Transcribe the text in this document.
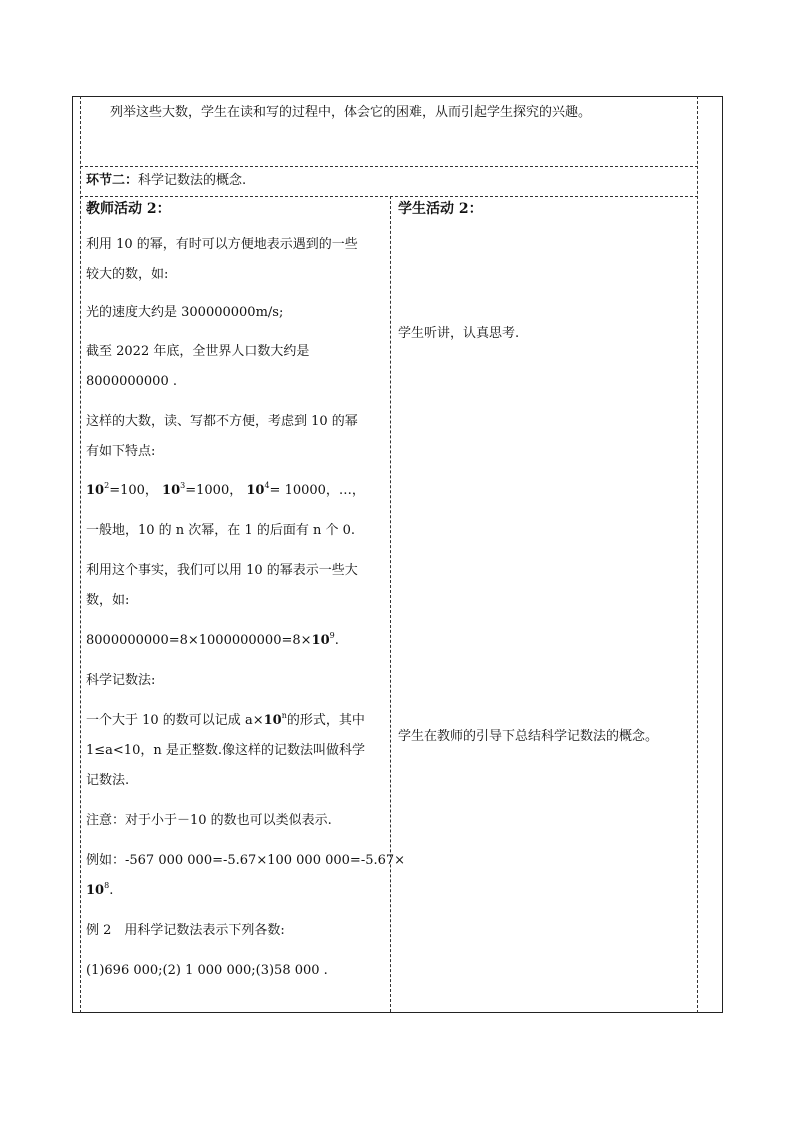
列举这些大数，学生在读和写的过程中，体会它的困难，从而引起学生探究的兴趣。
环节二：科学记数法的概念.
教师活动 2：
利用 10 的幂，有时可以方便地表示遇到的一些
较大的数，如:
光的速度大约是 300000000m/s;
截至 2022 年底，全世界人口数大约是
8000000000 .
这样的大数，读、写都不方便，考虑到 10 的幂
有如下特点:
$10^2=100$， $10^3=1000$， $10^4= 10000$，…，
一般地，10 的 n 次幂，在 1 的后面有 n 个 0.
利用这个事实，我们可以用 10 的幂表示一些大
数，如:
$8000000000=8\times 1000000000=8\times 10^9$.
科学记数法:
一个大于 10 的数可以记成 $a\times 10^n$的形式，其中
1≤a<10，n 是正整数.像这样的记数法叫做科学
记数法.
注意：对于小于－10 的数也可以类似表示.
例如：-567 000 000=-5.67×100 000 000=-5.67×
$10^8$.
例 2　用科学记数法表示下列各数:
(1)696 000;(2) 1 000 000;(3)58 000 .
学生活动 2：
学生听讲，认真思考.
学生在教师的引导下总结科学记数法的概念。
